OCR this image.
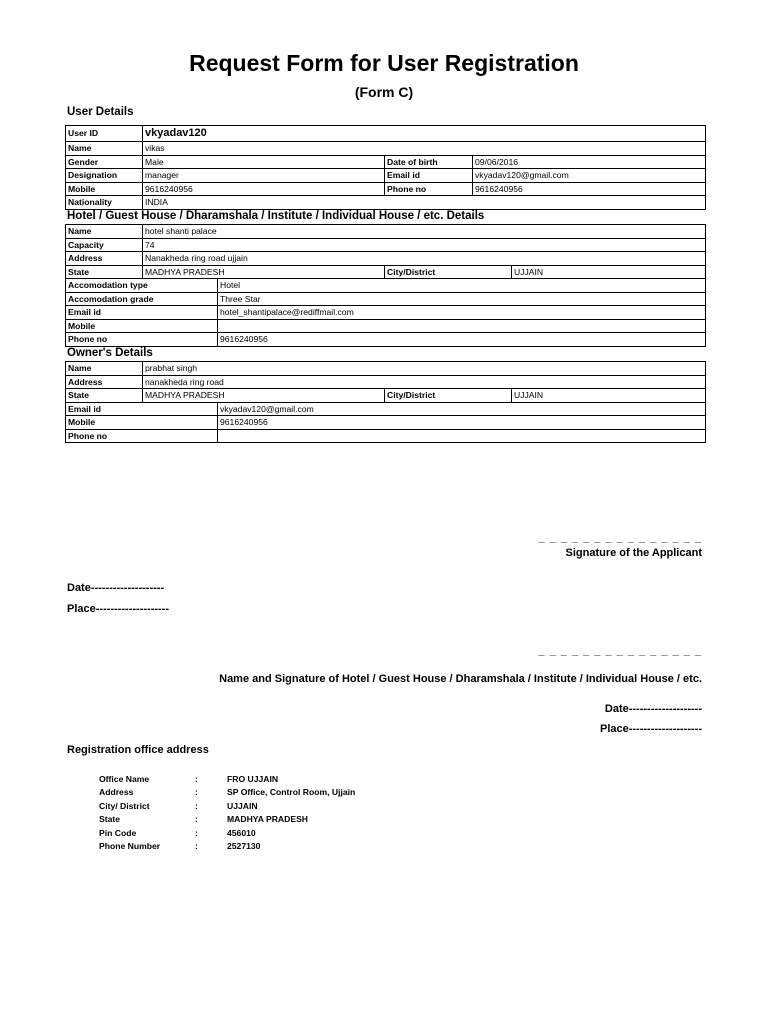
Request Form for User Registration
(Form C)
User Details
User ID	vkyadav120		
Name	vikas		
Gender	Male	Date of birth	09/06/2016
Designation	manager	Email id	vkyadav120@gmail.com
Mobile	9616240956	Phone no	9616240956
Nationality	INDIA		
Hotel / Guest House / Dharamshala / Institute / Individual House / etc. Details
Name	hotel shanti palace			
Capacity	74			
Address	Nanakheda ring road ujjain			
State	MADHYA PRADESH		City/District	UJJAIN
Accomodation type		Hotel		
Accomodation grade		Three Star		
Email id		hotel_shantipalace@rediffmail.com		
Mobile				
Phone no		9616240956		
Owner's Details
Name	prabhat singh			
Address	nanakheda ring road			
State	MADHYA PRADESH		City/District	UJJAIN
Email id		vkyadav120@gmail.com		
Mobile		9616240956		
Phone no				
_ _ _ _ _ _ _ _ _ _ _ _ _ _ _
Signature of the Applicant
Date--------------------
Place--------------------
_ _ _ _ _ _ _ _ _ _ _ _ _ _ _
Name and Signature of Hotel / Guest House / Dharamshala / Institute / Individual House / etc.
Date--------------------
Place--------------------
Registration office address
Office Name	:	FRO UJJAIN
Address	:	SP Office, Control Room, Ujjain
City/ District	:	UJJAIN
State	:	MADHYA PRADESH
Pin Code	:	456010
Phone Number	:	2527130
